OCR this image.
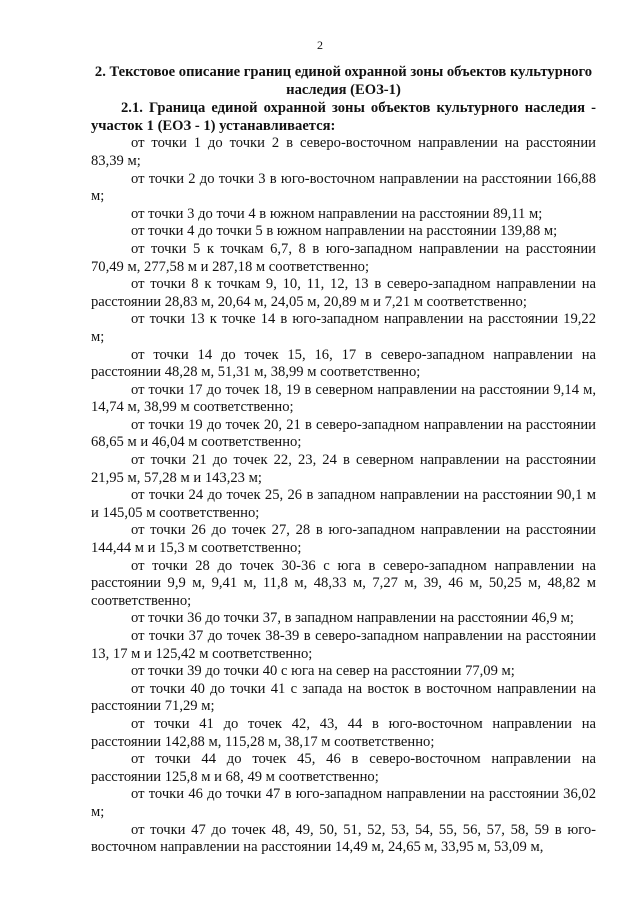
2
2. Текстовое описание границ единой охранной зоны объектов культурного наследия (ЕОЗ-1)
2.1. Граница единой охранной зоны объектов культурного наследия - участок 1 (ЕОЗ - 1) устанавливается:

от точки 1 до точки 2 в северо-восточном направлении на расстоянии 83,39 м;

от точки 2 до точки 3 в юго-восточном направлении на расстоянии 166,88 м;

от точки 3 до точи 4 в южном направлении на расстоянии 89,11 м;

от точки 4 до точки 5 в южном направлении на расстоянии 139,88 м;

от точки 5 к точкам 6,7, 8 в юго-западном направлении на расстоянии 70,49 м, 277,58 м и 287,18 м соответственно;

от точки 8 к точкам 9, 10, 11, 12, 13 в северо-западном направлении на расстоянии 28,83 м, 20,64 м, 24,05 м, 20,89 м и 7,21 м соответственно;

от точки 13 к точке 14 в юго-западном направлении на расстоянии 19,22 м;

от точки 14 до точек 15, 16, 17 в северо-западном направлении на расстоянии 48,28 м, 51,31 м, 38,99 м соответственно;

от точки 17 до точек 18, 19 в северном направлении на расстоянии 9,14 м, 14,74 м, 38,99 м соответственно;

от точки 19 до точек 20, 21 в северо-западном направлении на расстоянии 68,65 м и 46,04 м соответственно;

от точки 21 до точек 22, 23, 24 в северном направлении на расстоянии 21,95 м, 57,28 м и 143,23 м;

от точки 24 до точек 25, 26 в западном направлении на расстоянии 90,1 м и 145,05 м соответственно;

от точки 26 до точек 27, 28 в юго-западном направлении на расстоянии 144,44 м и 15,3 м соответственно;

от точки 28 до точек 30-36 с юга в северо-западном направлении на расстоянии 9,9 м, 9,41 м, 11,8 м, 48,33 м, 7,27 м, 39, 46 м, 50,25 м, 48,82 м соответственно;

от точки 36 до точки 37, в западном направлении на расстоянии 46,9 м;

от точки 37 до точек 38-39 в северо-западном направлении на расстоянии 13, 17 м и 125,42 м соответственно;

от точки 39 до точки 40 с юга на север на расстоянии 77,09 м;

от точки 40 до точки 41 с запада на восток в восточном направлении на расстоянии 71,29 м;

от точки 41 до точек 42, 43, 44 в юго-восточном направлении на расстоянии 142,88 м, 115,28 м, 38,17 м соответственно;

от точки 44 до точек 45, 46 в северо-восточном направлении на расстоянии 125,8 м и 68, 49 м соответственно;

от точки 46 до точки 47 в юго-западном направлении на расстоянии 36,02 м;

от точки 47 до точек 48, 49, 50, 51, 52, 53, 54, 55, 56, 57, 58, 59 в юго-восточном направлении на расстоянии 14,49 м, 24,65 м, 33,95 м, 53,09 м,
